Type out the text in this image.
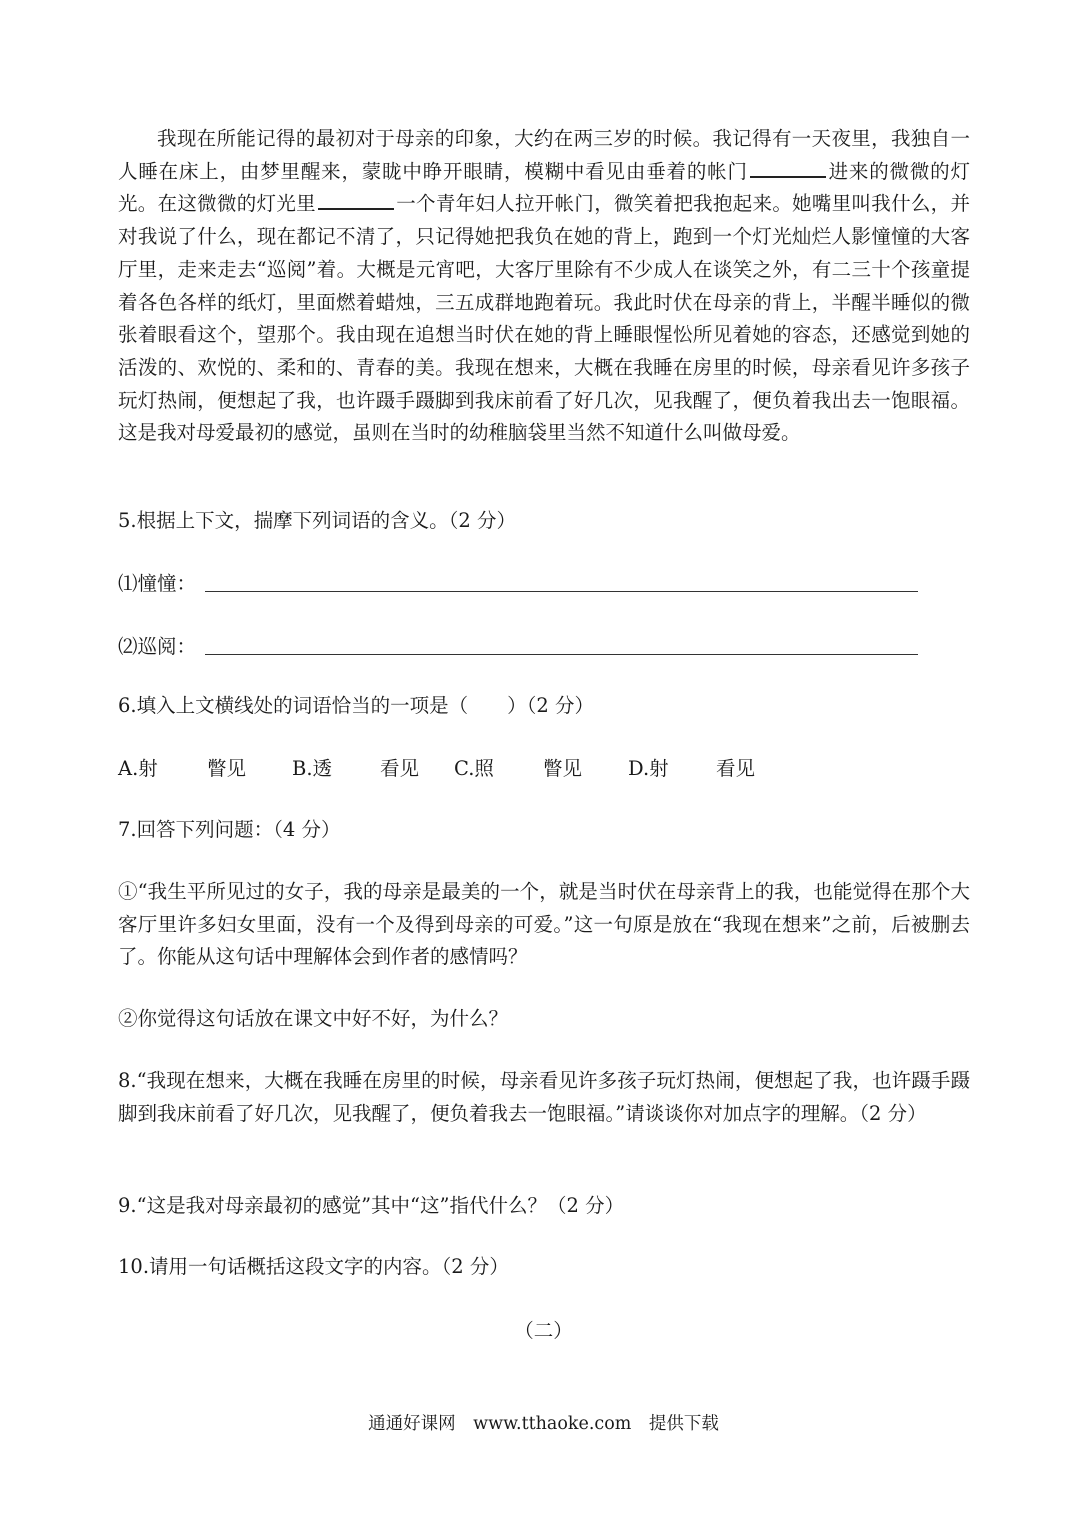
我现在所能记得的最初对于母亲的印象，大约在两三岁的时候。我记得有一天夜里，我独自一人睡在床上，由梦里醒来，蒙眬中睁开眼睛，模糊中看见由垂着的帐门	进来的微微的灯光。在这微微的灯光里	一个青年妇人拉开帐门，微笑着把我抱起来。她嘴里叫我什么，并对我说了什么，现在都记不清了，只记得她把我负在她的背上，跑到一个灯光灿烂人影憧憧的大客厅里，走来走去“巡阅”着。大概是元宵吧，大客厅里除有不少成人在谈笑之外，有二三十个孩童提着各色各样的纸灯，里面燃着蜡烛，三五成群地跑着玩。我此时伏在母亲的背上，半醒半睡似的微张着眼看这个，望那个。我由现在追想当时伏在她的背上睡眼惺忪所见着她的容态，还感觉到她的活泼的、欢悦的、柔和的、青春的美。我现在想来，大概在我睡在房里的时候，母亲看见许多孩子玩灯热闹，便想起了我，也许蹑手蹑脚到我床前看了好几次，见我醒了，便负着我出去一饱眼福。这是我对母爱最初的感觉，虽则在当时的幼稚脑袋里当然不知道什么叫做母爱。

5.根据上下文，揣摩下列词语的含义。（2 分）
⑴憧憧：
⑵巡阅：
6.填入上文横线处的词语恰当的一项是（　　）（2 分）
A.射	瞥见 B.透 看见 C.照	瞥见 D.射 看见
7.回答下列问题：（4 分）

①“我生平所见过的女子，我的母亲是最美的一个，就是当时伏在母亲背上的我，也能觉得在那个大客厅里许多妇女里面，没有一个及得到母亲的可爱。”这一句原是放在“我现在想来”之前，后被删去了。你能从这句话中理解体会到作者的感情吗？

②你觉得这句话放在课文中好不好，为什么？

8.“我现在想来，大概在我睡在房里的时候，母亲看见许多孩子玩灯热闹，便想起了我，也许蹑手蹑脚到我床前看了好几次，见我醒了，便负着我去一饱眼福。”请谈谈你对加点字的理解。（2 分）

9.“这是我对母亲最初的感觉”其中“这”指代什么？（2 分）
10.请用一句话概括这段文字的内容。（2 分）
（二）
通通好课网　www.tthaoke.com　提供下载
